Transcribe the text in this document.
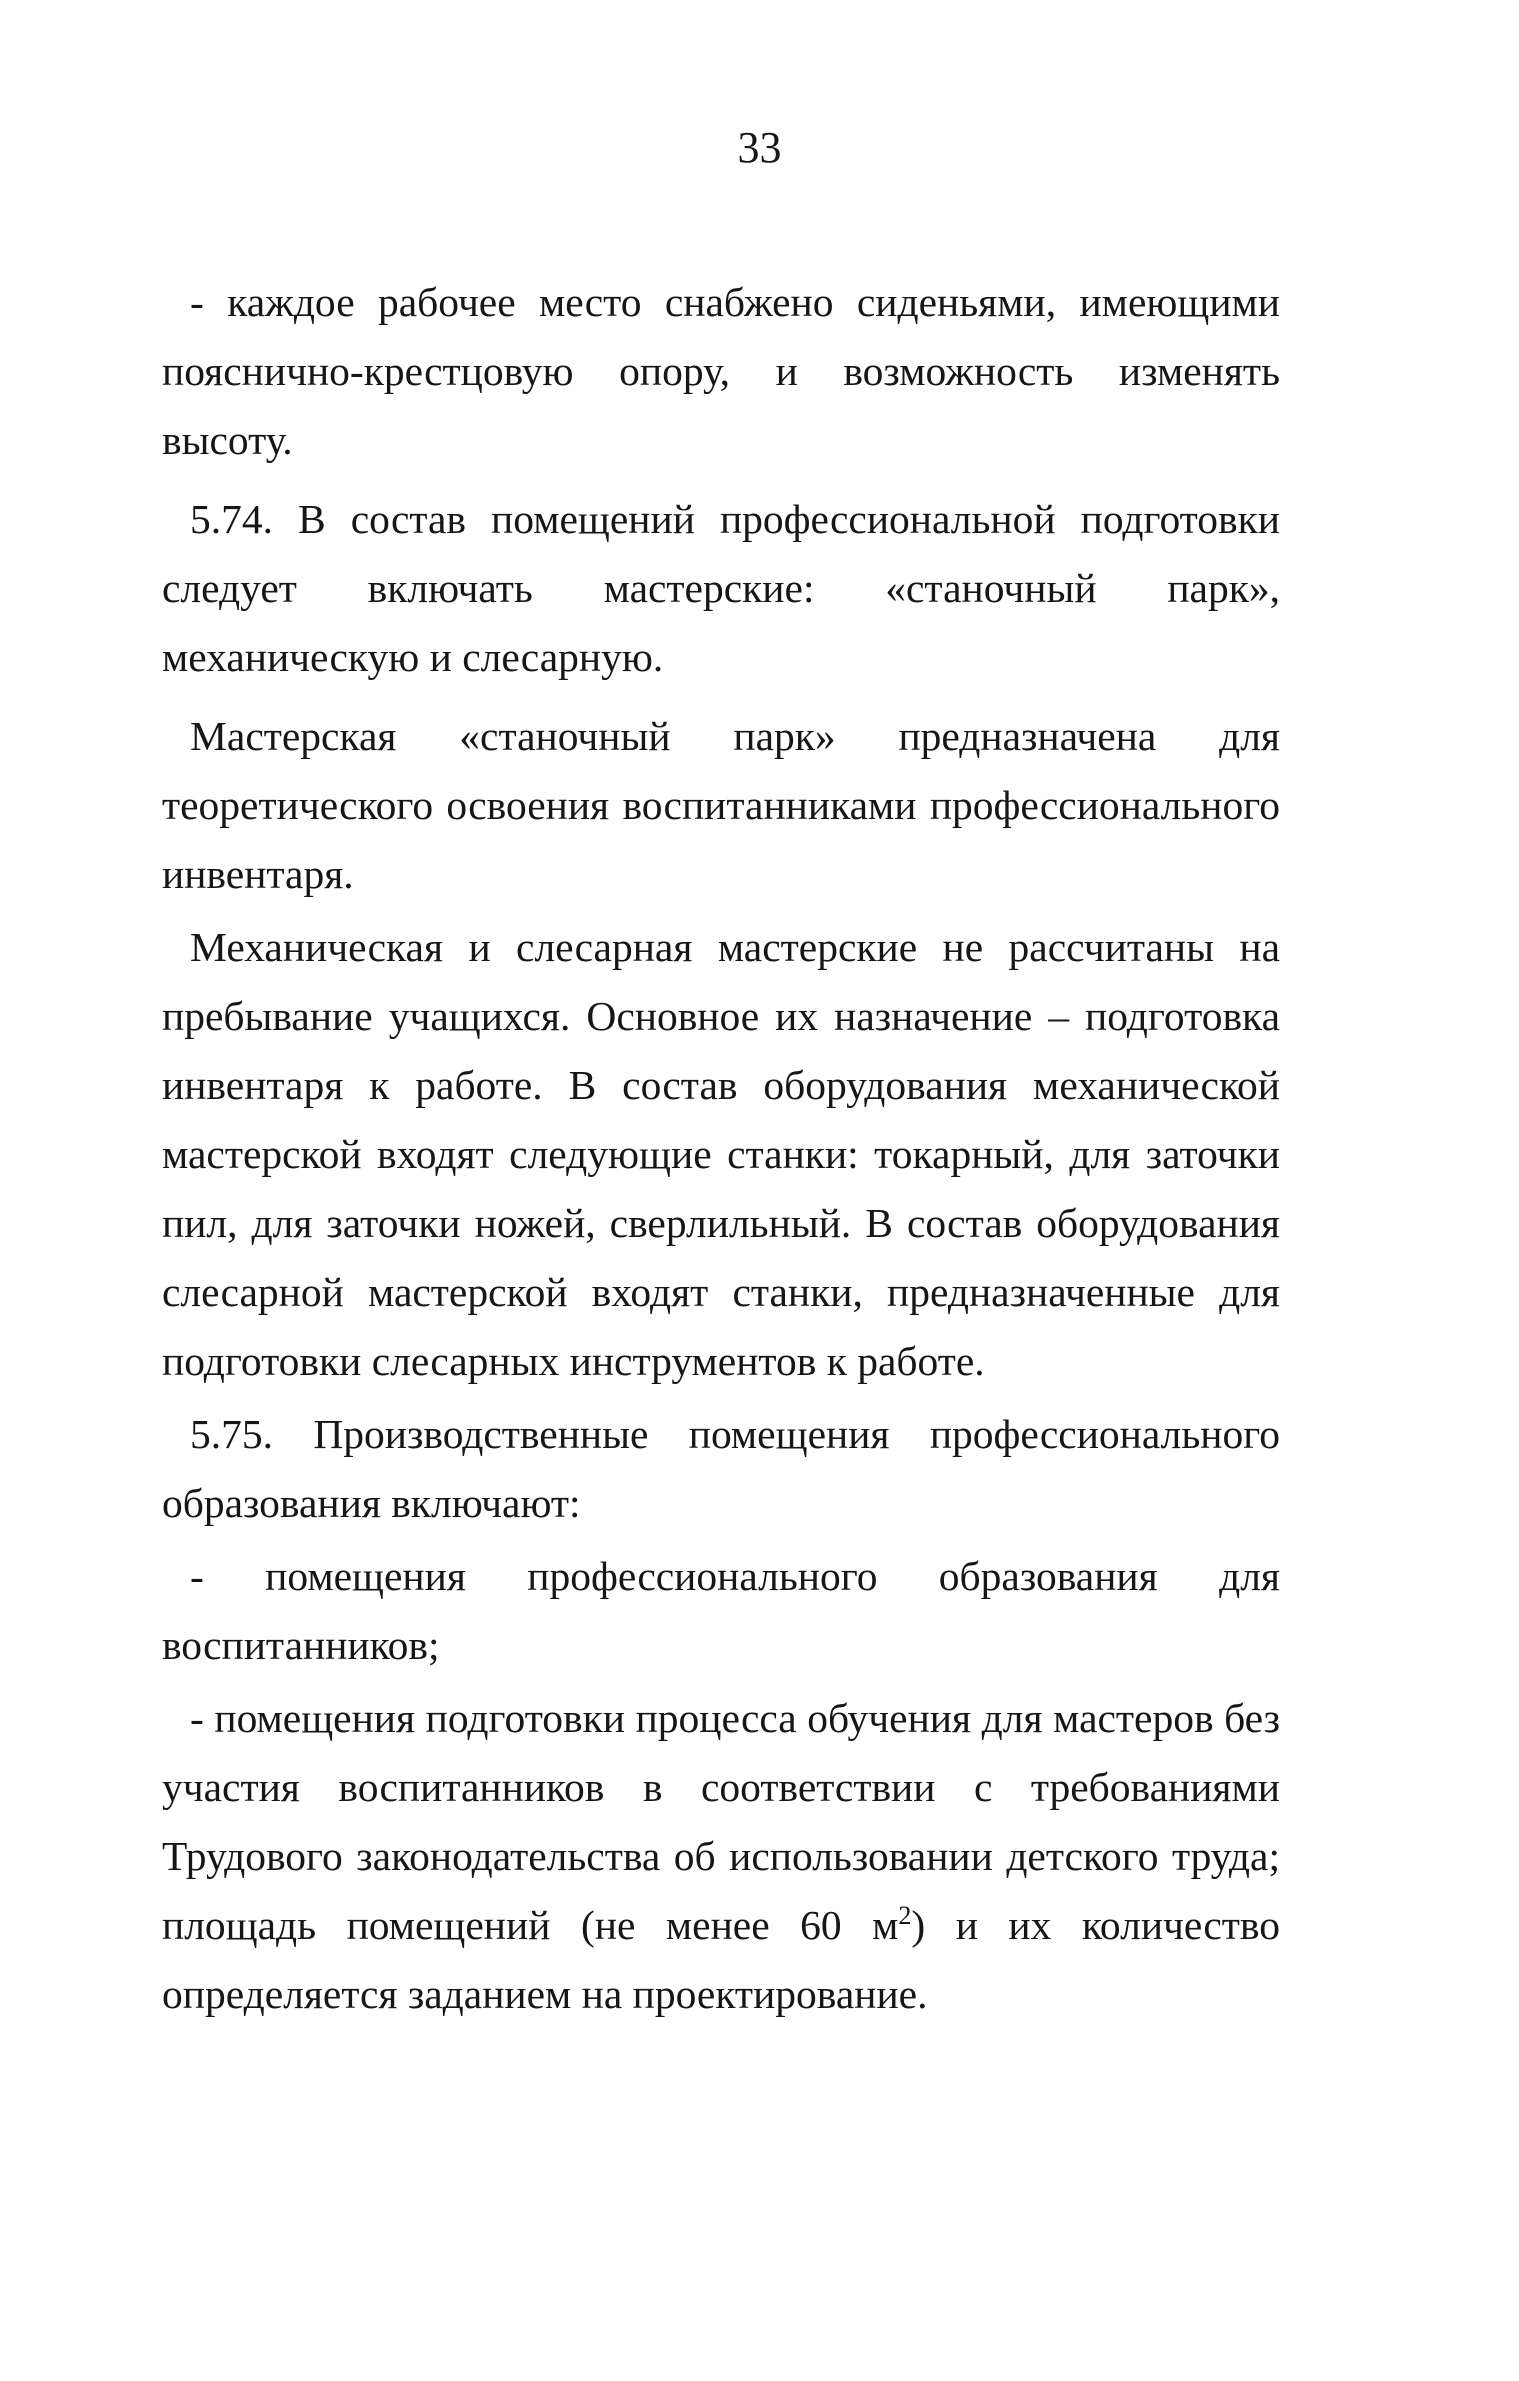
33

- каждое рабочее место снабжено сиденьями, имеющими поясничнo-крестцовую опору, и возможность изменять высоту.

5.74. В состав помещений профессиональной подготовки следует включать мастерские: «станочный парк», механическую и слесарную.

Мастерская «станочный парк» предназначена для теоретического освоения воспитанниками профессионального инвентаря.

Механическая и слесарная мастерские не рассчитаны на пребывание учащихся. Основное их назначение – подготовка инвентаря к работе. В состав оборудования механической мастерской входят следующие станки: токарный, для заточки пил, для заточки ножей, сверлильный. В состав оборудования слесарной мастерской входят станки, предназначенные для подготовки слесарных инструментов к работе.

5.75. Производственные помещения профессионального образования включают:

- помещения профессионального образования для воспитанников;

- помещения подготовки процесса обучения для мастеров без участия воспитанников в соответствии с требованиями Трудового законодательства об использовании детского труда; площадь помещений (не менее 60 $м^2$) и их количество определяется заданием на проектирование.
